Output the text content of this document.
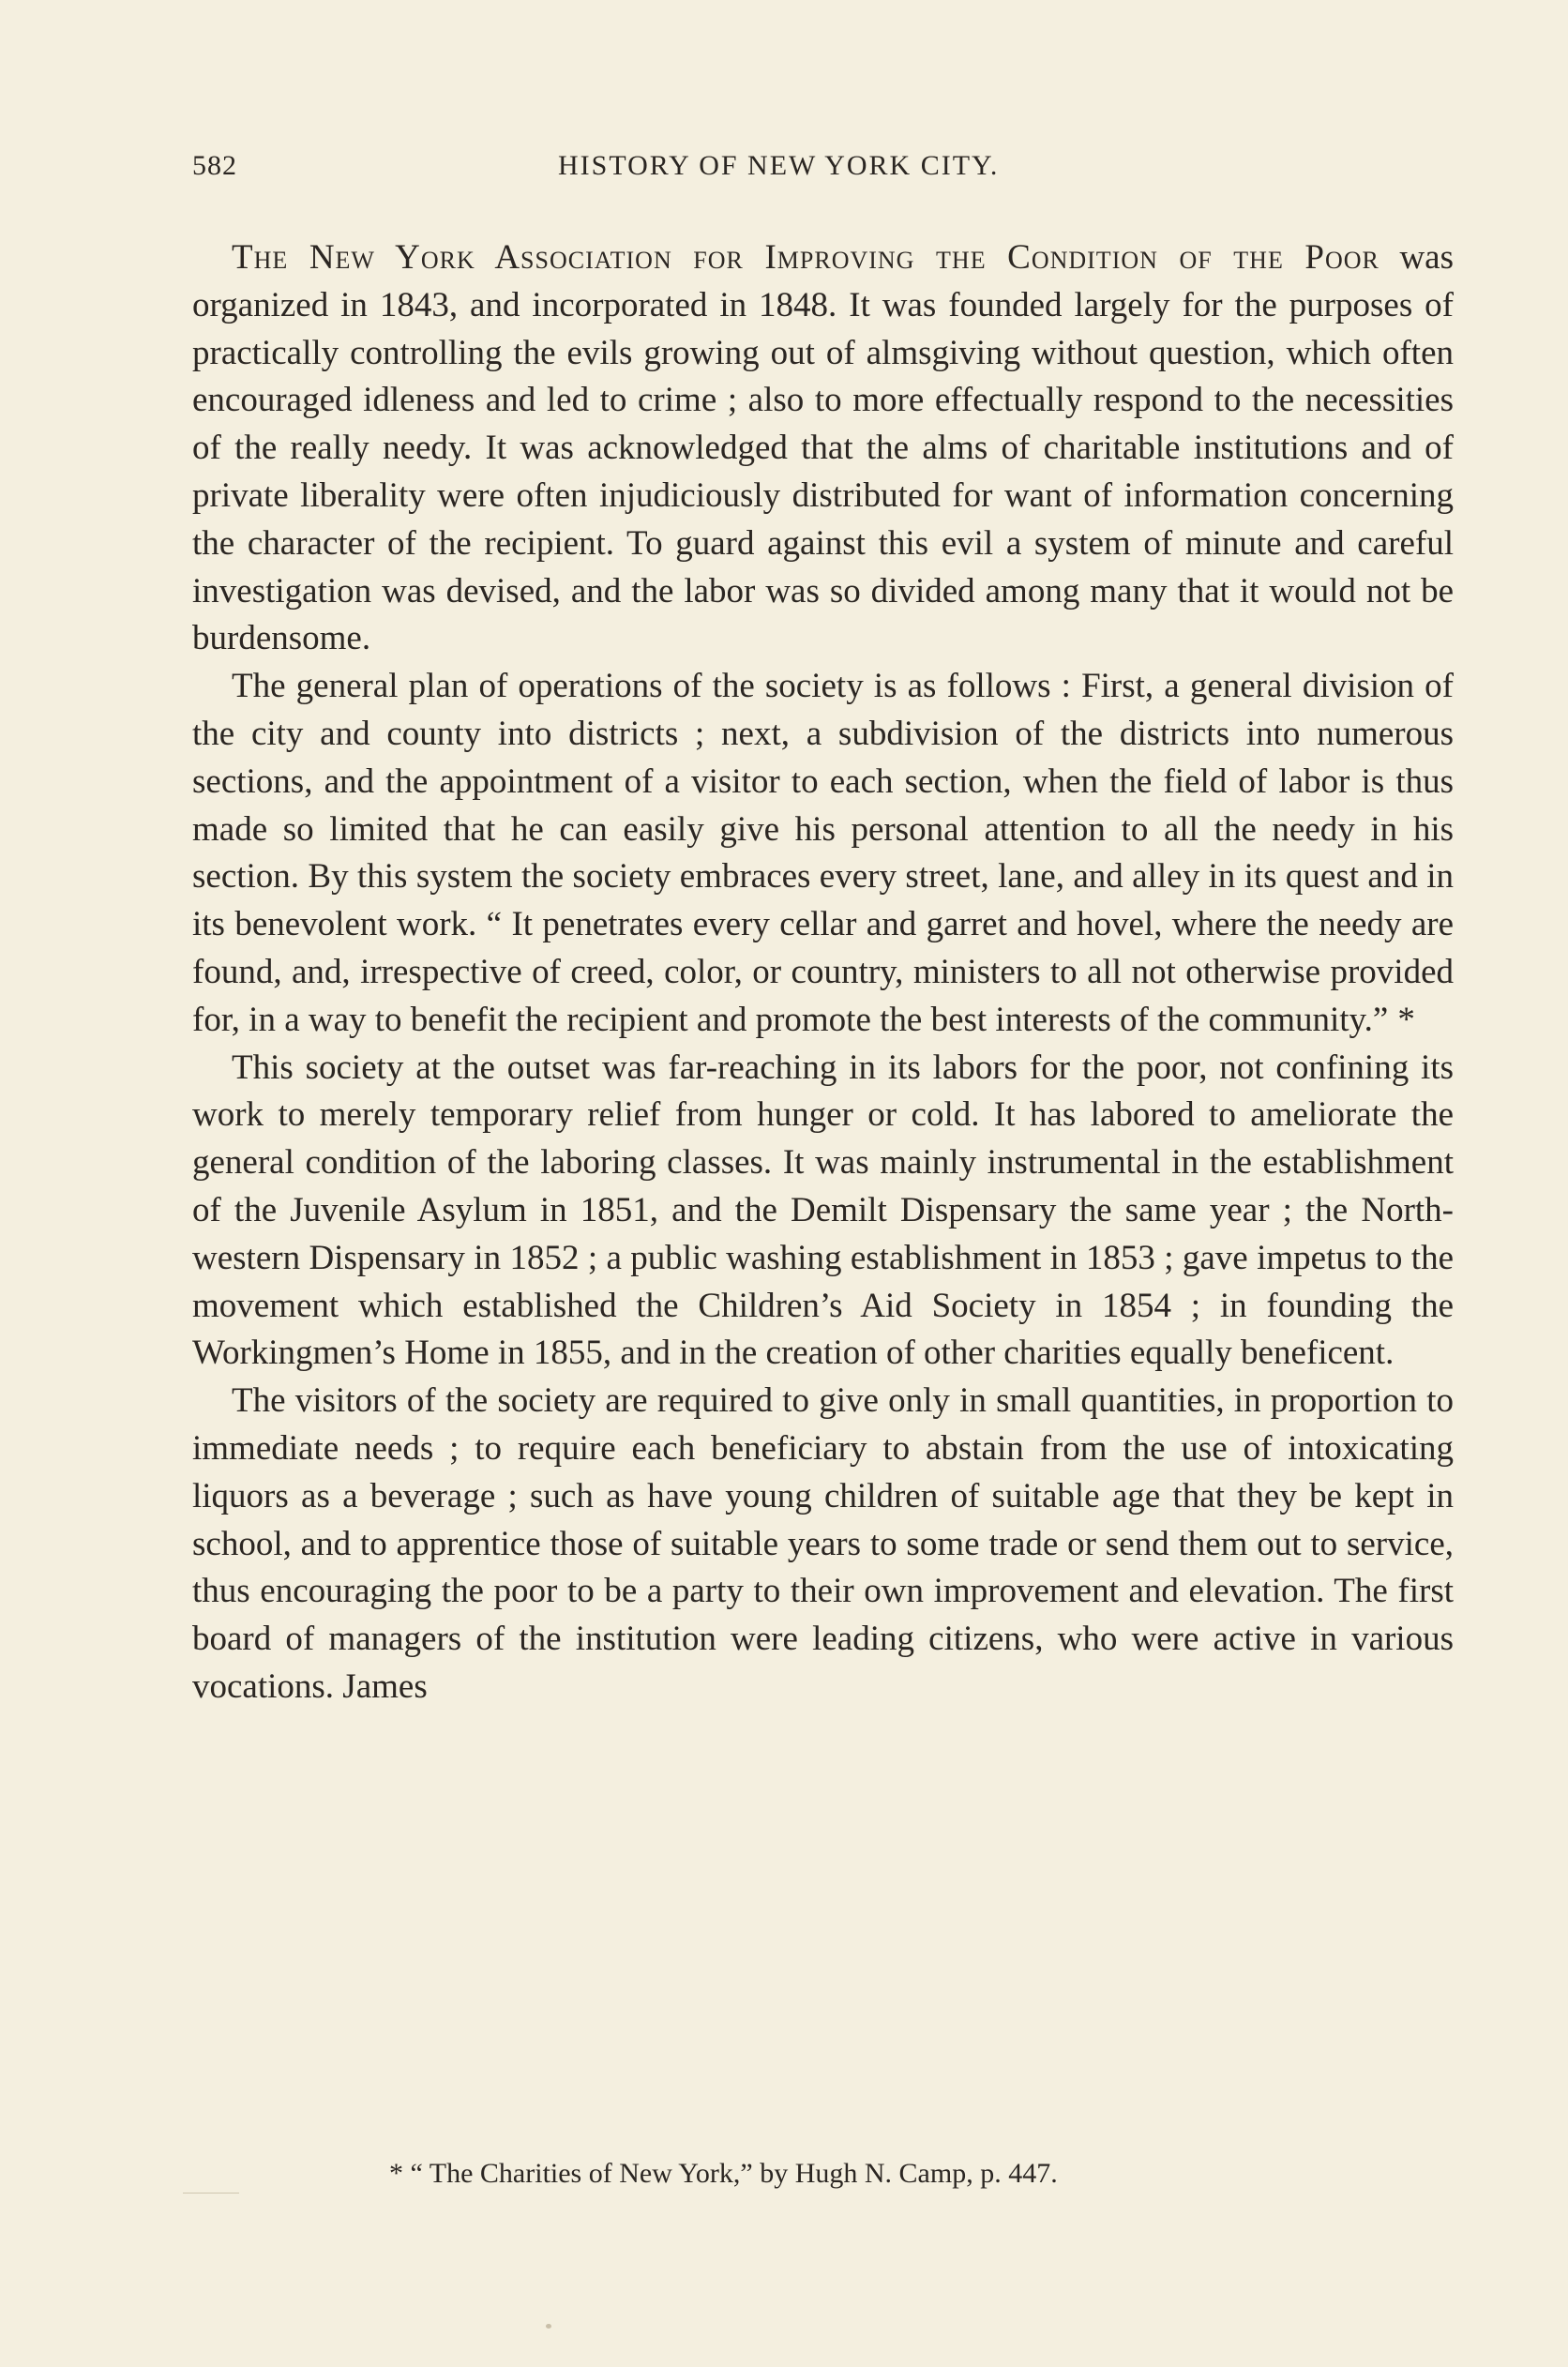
582	HISTORY OF NEW YORK CITY.

The New York Association for Improving the Condition of the Poor was organized in 1843, and incorporated in 1848. It was founded largely for the purposes of practically controlling the evils growing out of almsgiving without question, which often encouraged idleness and led to crime ; also to more effectually respond to the necessities of the really needy. It was acknowledged that the alms of charitable institutions and of private liberality were often injudiciously distributed for want of information concerning the character of the recipient. To guard against this evil a system of minute and careful investigation was devised, and the labor was so divided among many that it would not be burdensome.

The general plan of operations of the society is as follows : First, a general division of the city and county into districts ; next, a subdivision of the districts into numerous sections, and the appointment of a visitor to each section, when the field of labor is thus made so limited that he can easily give his personal attention to all the needy in his section. By this system the society embraces every street, lane, and alley in its quest and in its benevolent work. “ It penetrates every cellar and garret and hovel, where the needy are found, and, irrespective of creed, color, or country, ministers to all not otherwise provided for, in a way to benefit the recipient and promote the best interests of the community.” *

This society at the outset was far-reaching in its labors for the poor, not confining its work to merely temporary relief from hunger or cold. It has labored to ameliorate the general condition of the laboring classes. It was mainly instrumental in the establishment of the Juvenile Asylum in 1851, and the Demilt Dispensary the same year ; the North-western Dispensary in 1852 ; a public washing establishment in 1853 ; gave impetus to the movement which established the Children’s Aid Society in 1854 ; in founding the Workingmen’s Home in 1855, and in the creation of other charities equally beneficent.

The visitors of the society are required to give only in small quantities, in proportion to immediate needs ; to require each beneficiary to abstain from the use of intoxicating liquors as a beverage ; such as have young children of suitable age that they be kept in school, and to apprentice those of suitable years to some trade or send them out to service, thus encouraging the poor to be a party to their own improvement and elevation. The first board of managers of the institution were leading citizens, who were active in various vocations. James

* “ The Charities of New York,” by Hugh N. Camp, p. 447.
